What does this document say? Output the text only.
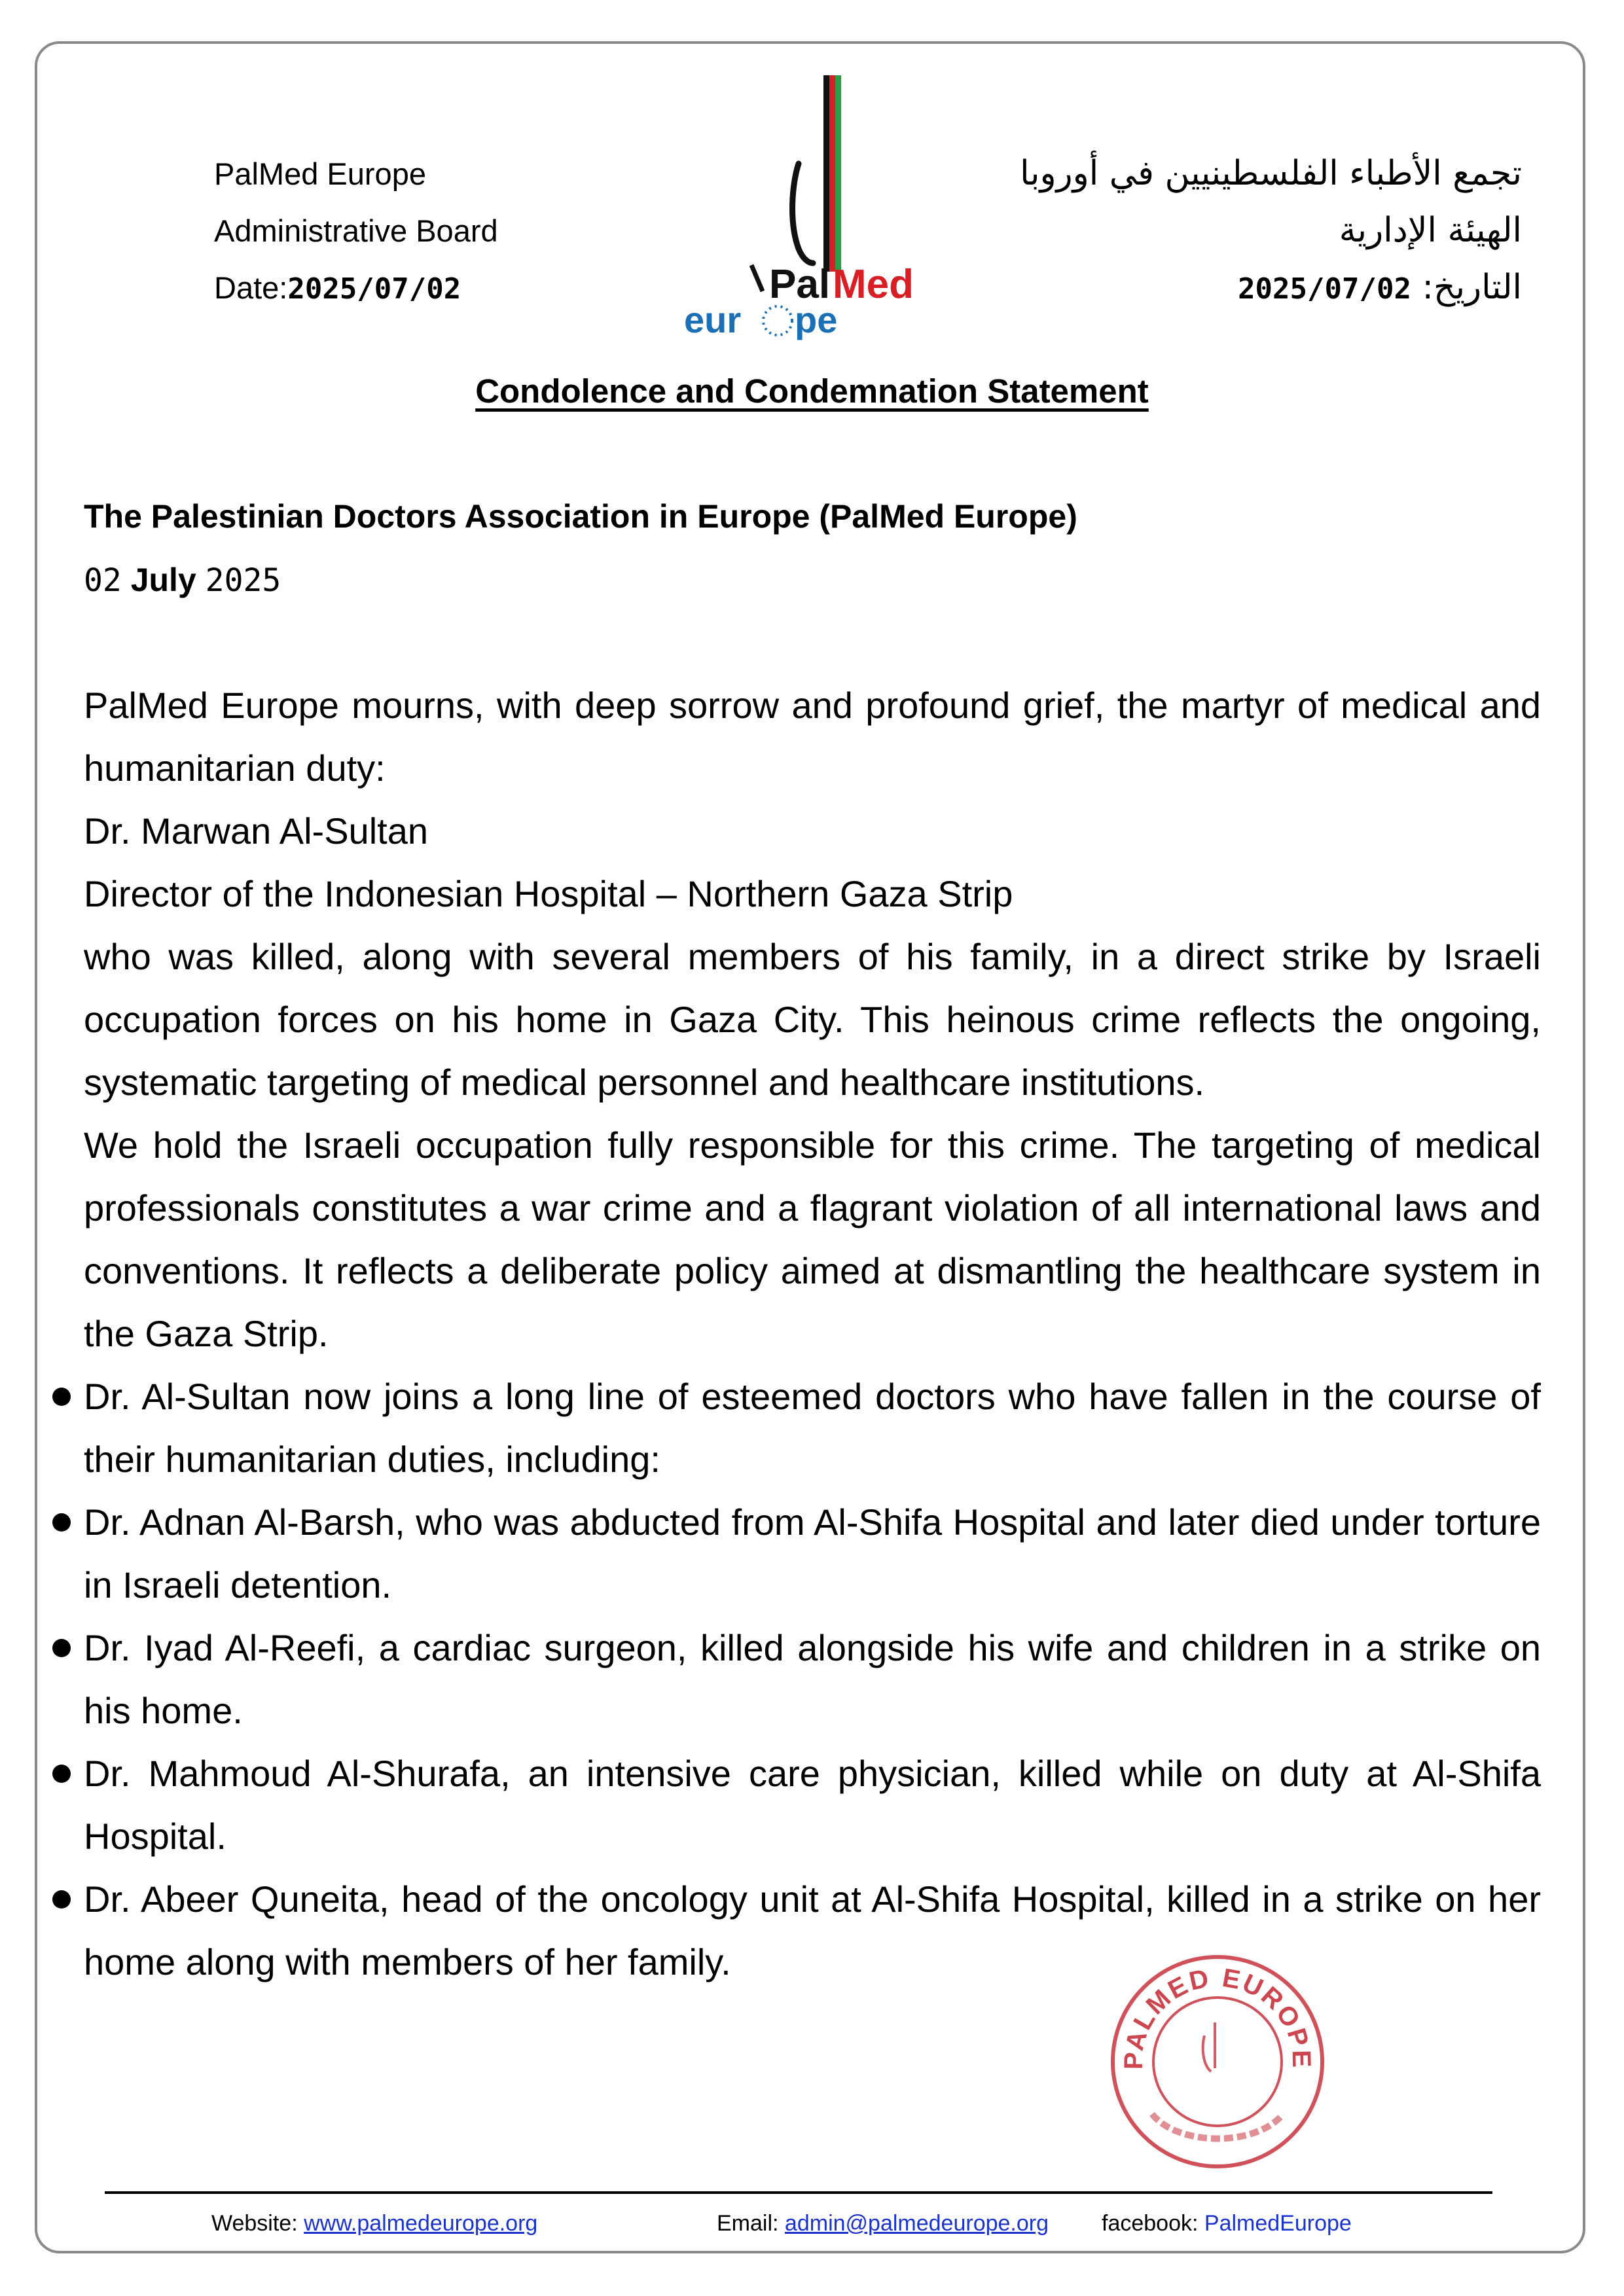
PalMed Europe
Administrative Board
Date:2025/07/02	Pal Med
eur pe
تجمع الأطباء الفلسطينيين في أوروبا
الهيئة الإدارية
التاريخ: 2025/07/02
Condolence and Condemnation Statement
The Palestinian Doctors Association in Europe (PalMed Europe)
02 July 2025

PalMed Europe mourns, with deep sorrow and profound grief, the martyr of medical and humanitarian duty:

Dr. Marwan Al-Sultan

Director of the Indonesian Hospital – Northern Gaza Strip

who was killed, along with several members of his family, in a direct strike by Israeli occupation forces on his home in Gaza City. This heinous crime reflects the ongoing, systematic targeting of medical personnel and healthcare institutions.

We hold the Israeli occupation fully responsible for this crime. The targeting of medical professionals constitutes a war crime and a flagrant violation of all international laws and conventions. It reflects a deliberate policy aimed at dismantling the healthcare system in the Gaza Strip.

Dr. Al-Sultan now joins a long line of esteemed doctors who have fallen in the course of their humanitarian duties, including:
Dr. Adnan Al-Barsh, who was abducted from Al-Shifa Hospital and later died under torture in Israeli detention.
Dr. Iyad Al-Reefi, a cardiac surgeon, killed alongside his wife and children in a strike on his home.
Dr. Mahmoud Al-Shurafa, an intensive care physician, killed while on duty at Al-Shifa Hospital.
Dr. Abeer Quneita, head of the oncology unit at Al-Shifa Hospital, killed in a strike on her home along with members of her family.
PALMED EUROPE
Website: www.palmedeurope.org	Email: admin@palmedeurope.org facebook: PalmedEurope
